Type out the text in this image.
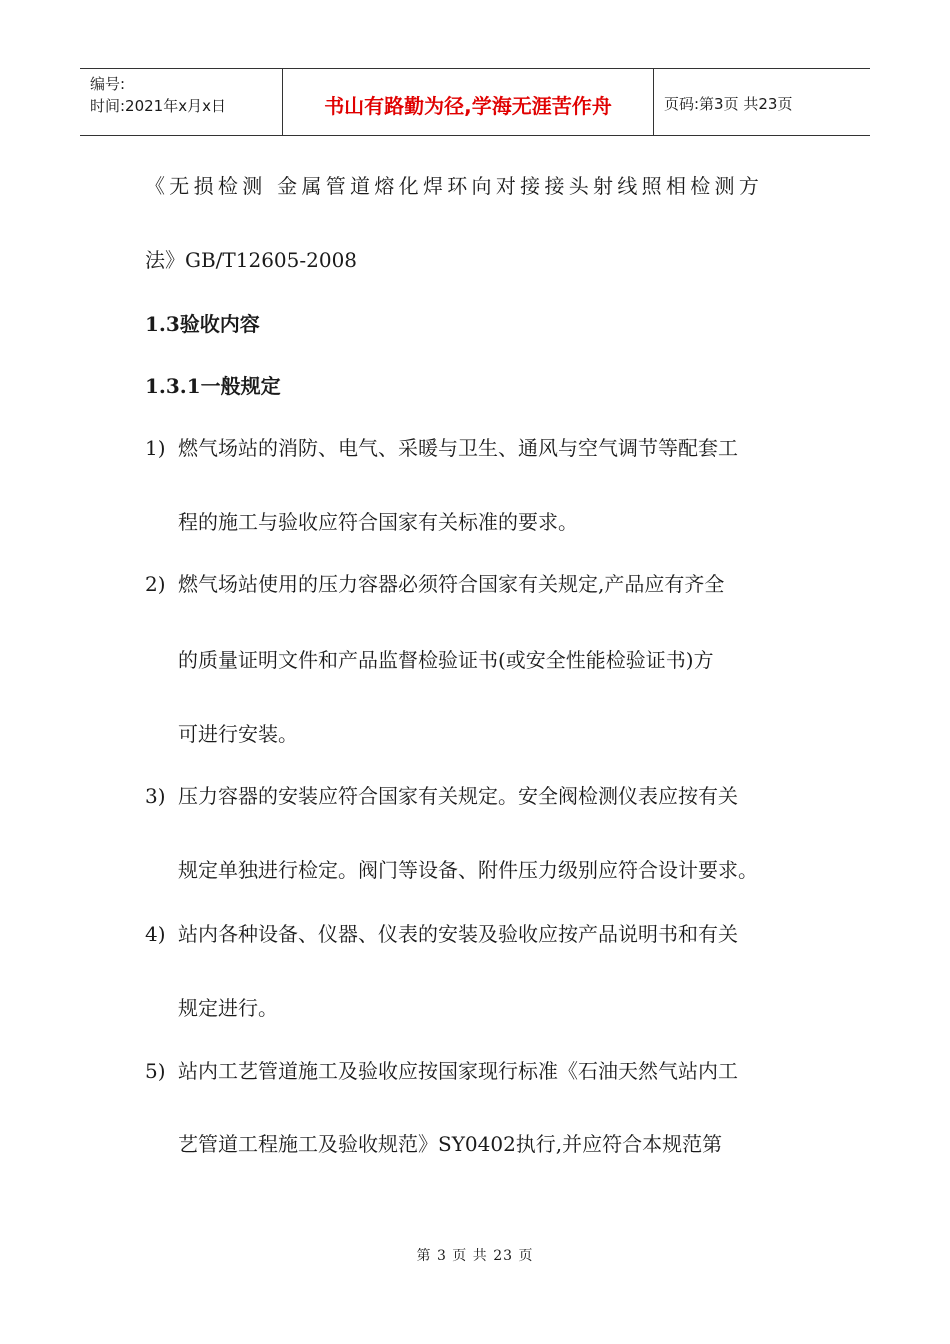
编号:
时间:2021年x月x日	书山有路勤为径,学海无涯苦作舟	页码:第3页 共23页
《无损检测 金属管道熔化焊环向对接接头射线照相检测方
法》GB/T12605-2008
1.3验收内容
1.3.1一般规定
1) 燃气场站的消防、电气、采暖与卫生、通风与空气调节等配套工
程的施工与验收应符合国家有关标准的要求。
2) 燃气场站使用的压力容器必须符合国家有关规定,产品应有齐全
的质量证明文件和产品监督检验证书(或安全性能检验证书)方
可进行安装。
3) 压力容器的安装应符合国家有关规定。安全阀检测仪表应按有关
规定单独进行检定。阀门等设备、附件压力级别应符合设计要求。
4) 站内各种设备、仪器、仪表的安装及验收应按产品说明书和有关
规定进行。
5) 站内工艺管道施工及验收应按国家现行标准《石油天然气站内工
艺管道工程施工及验收规范》SY0402执行,并应符合本规范第
第 3 页 共 23 页
